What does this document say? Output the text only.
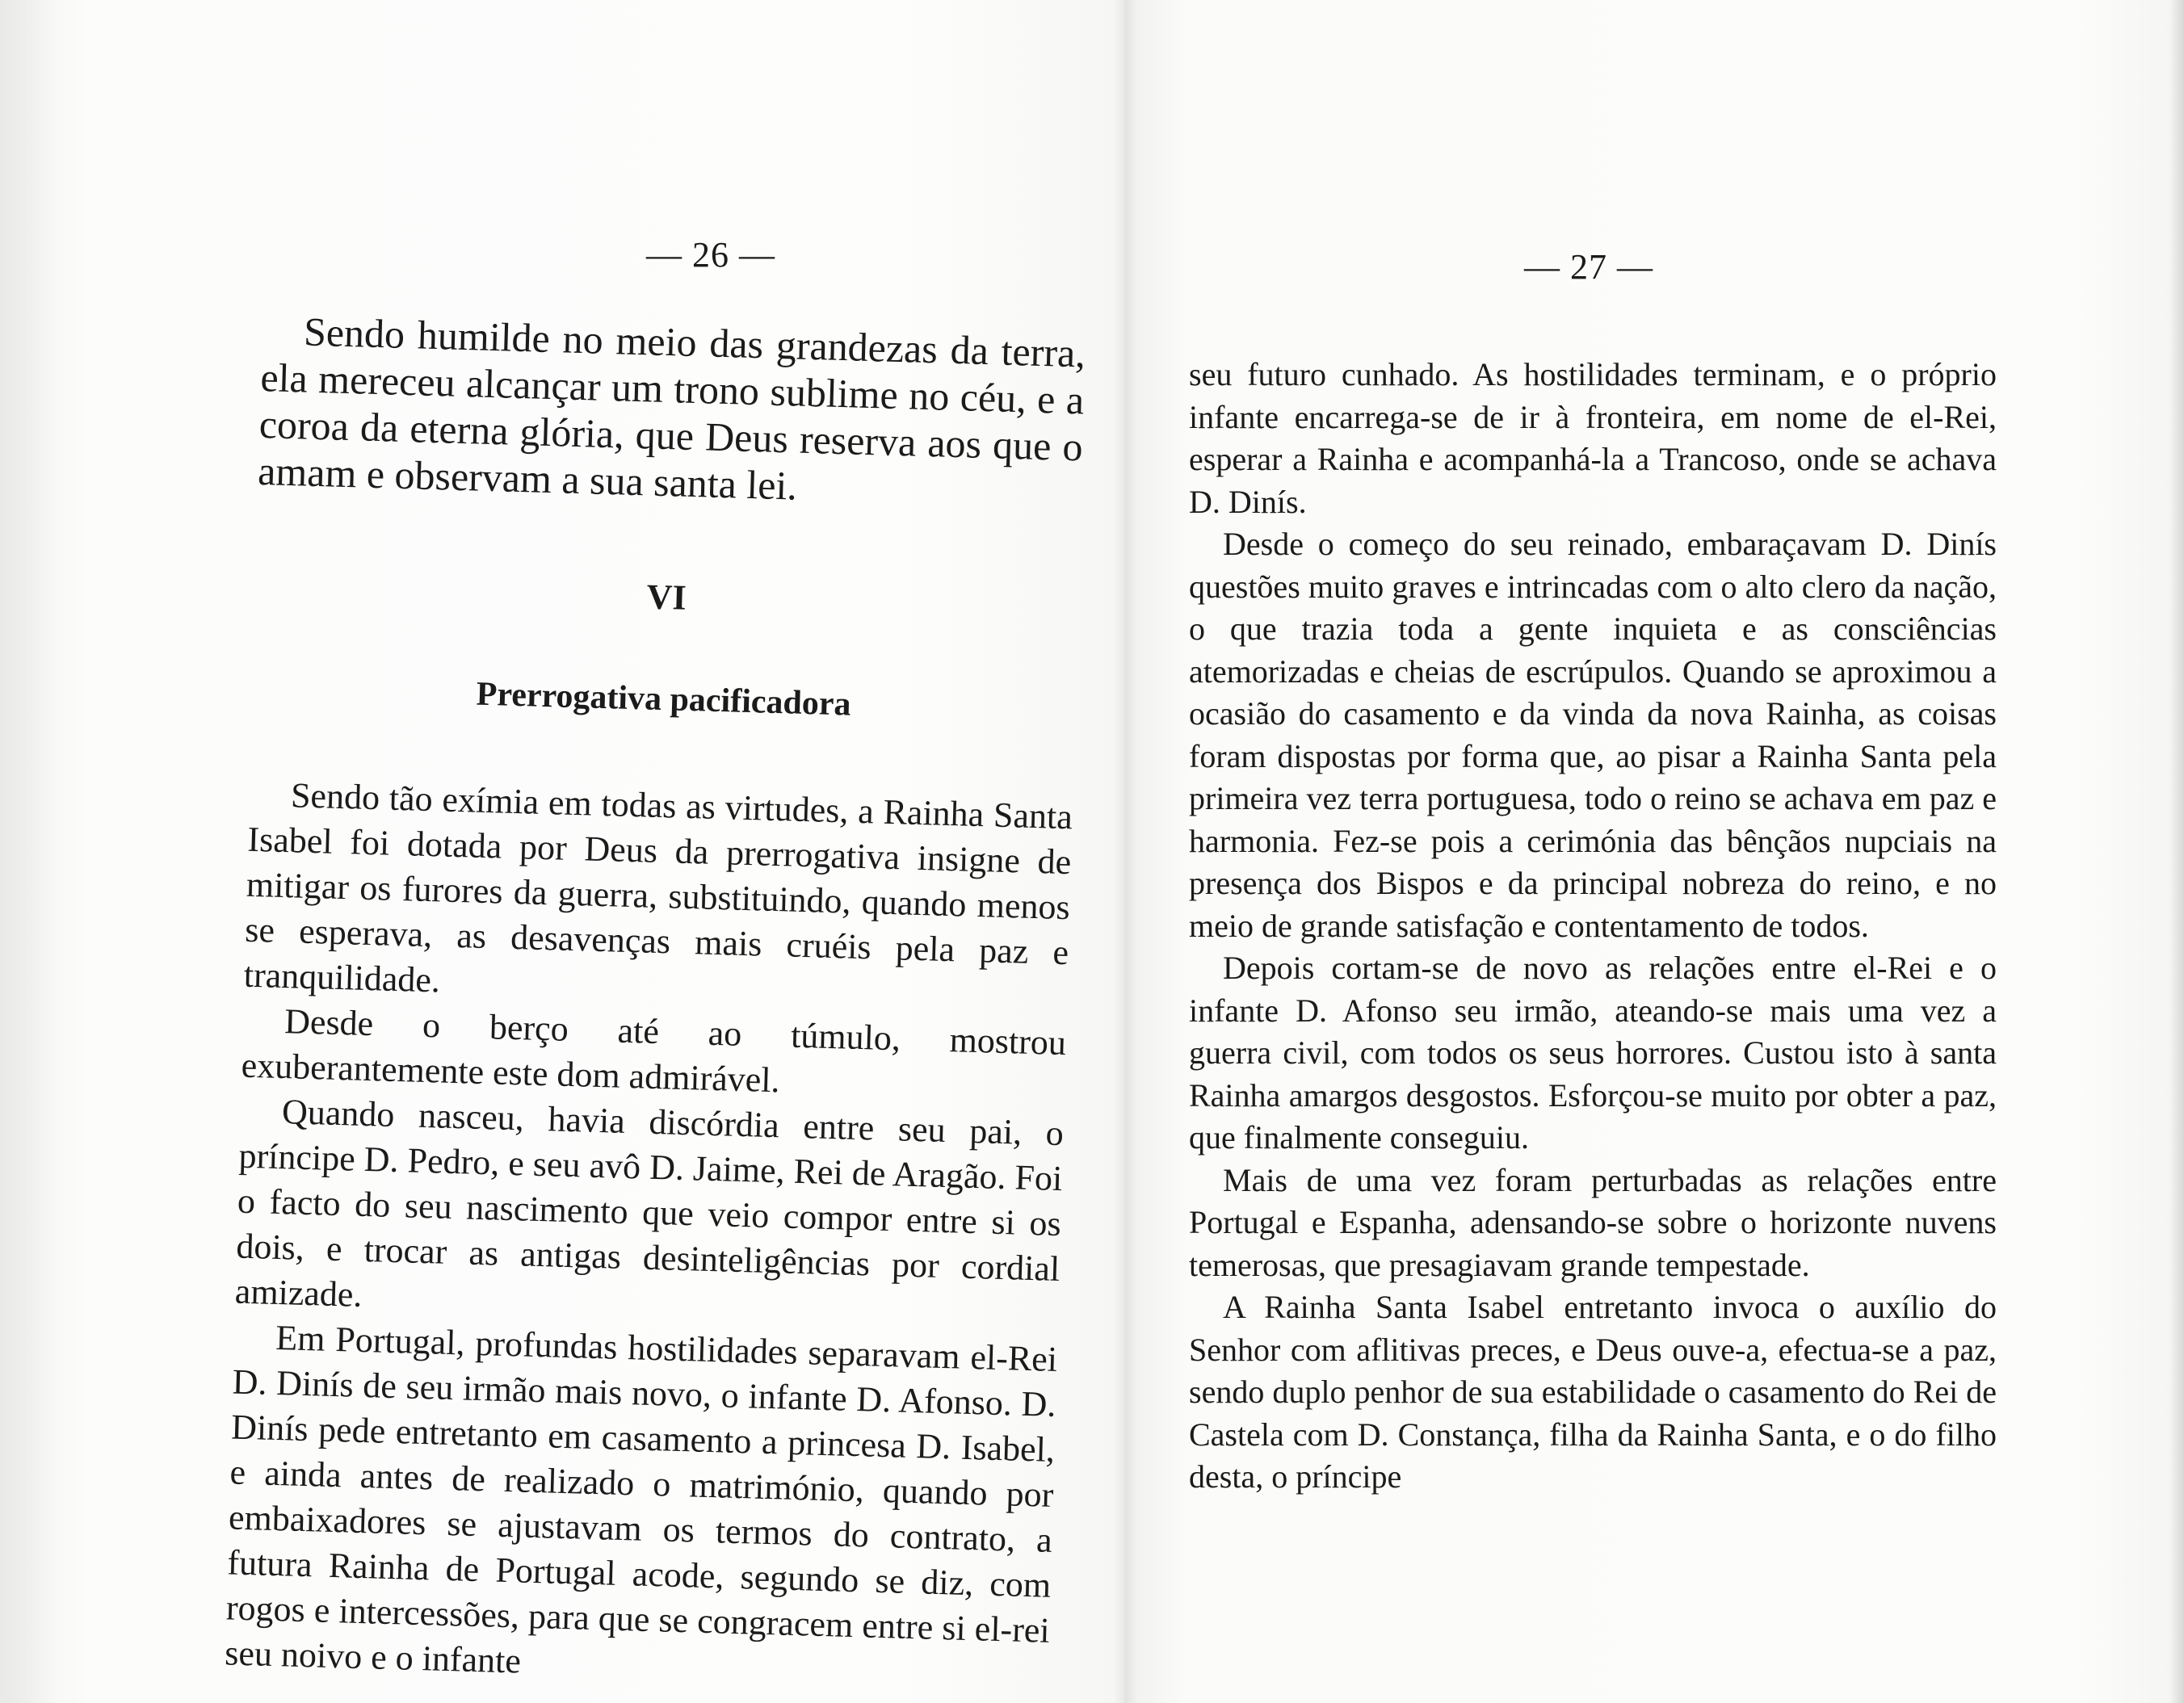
— 26 —

Sendo humilde no meio das grandezas da terra, ela mereceu alcançar um trono sublime no céu, e a coroa da eterna glória, que Deus reserva aos que o amam e observam a sua santa lei.

VI
Prerrogativa pacificadora

Sendo tão exímia em todas as virtudes, a Rainha Santa Isabel foi dotada por Deus da prerrogativa insigne de mitigar os furores da guerra, substituindo, quando menos se esperava, as desavenças mais cruéis pela paz e tranquilidade.

Desde o berço até ao túmulo, mostrou exuberantemente este dom admirável.

Quando nasceu, havia discórdia entre seu pai, o príncipe D. Pedro, e seu avô D. Jaime, Rei de Aragão. Foi o facto do seu nascimento que veio compor entre si os dois, e trocar as antigas desinteligências por cordial amizade.

Em Portugal, profundas hostilidades separavam el-Rei D. Dinís de seu irmão mais novo, o infante D. Afonso. D. Dinís pede entretanto em casamento a princesa D. Isabel, e ainda antes de realizado o matrimónio, quando por embaixadores se ajustavam os termos do contrato, a futura Rainha de Portugal acode, segundo se diz, com rogos e intercessões, para que se congracem entre si el-rei seu noivo e o infante

— 27 —

seu futuro cunhado. As hostilidades terminam, e o próprio infante encarrega-se de ir à fronteira, em nome de el-Rei, esperar a Rainha e acompanhá-la a Trancoso, onde se achava D. Dinís.

Desde o começo do seu reinado, embaraçavam D. Dinís questões muito graves e intrincadas com o alto clero da nação, o que trazia toda a gente inquieta e as consciências atemorizadas e cheias de escrúpulos. Quando se aproximou a ocasião do casamento e da vinda da nova Rainha, as coisas foram dispostas por forma que, ao pisar a Rainha Santa pela primeira vez terra portuguesa, todo o reino se achava em paz e harmonia. Fez-se pois a cerimónia das bênçãos nupciais na presença dos Bispos e da principal nobreza do reino, e no meio de grande satisfação e contentamento de todos.

Depois cortam-se de novo as relações entre el-Rei e o infante D. Afonso seu irmão, ateando-se mais uma vez a guerra civil, com todos os seus horrores. Custou isto à santa Rainha amargos desgostos. Esforçou-se muito por obter a paz, que finalmente conseguiu.

Mais de uma vez foram perturbadas as relações entre Portugal e Espanha, adensando-se sobre o horizonte nuvens temerosas, que presagiavam grande tempestade.

A Rainha Santa Isabel entretanto invoca o auxílio do Senhor com aflitivas preces, e Deus ouve-a, efectua-se a paz, sendo duplo penhor de sua estabilidade o casamento do Rei de Castela com D. Constança, filha da Rainha Santa, e o do filho desta, o príncipe
